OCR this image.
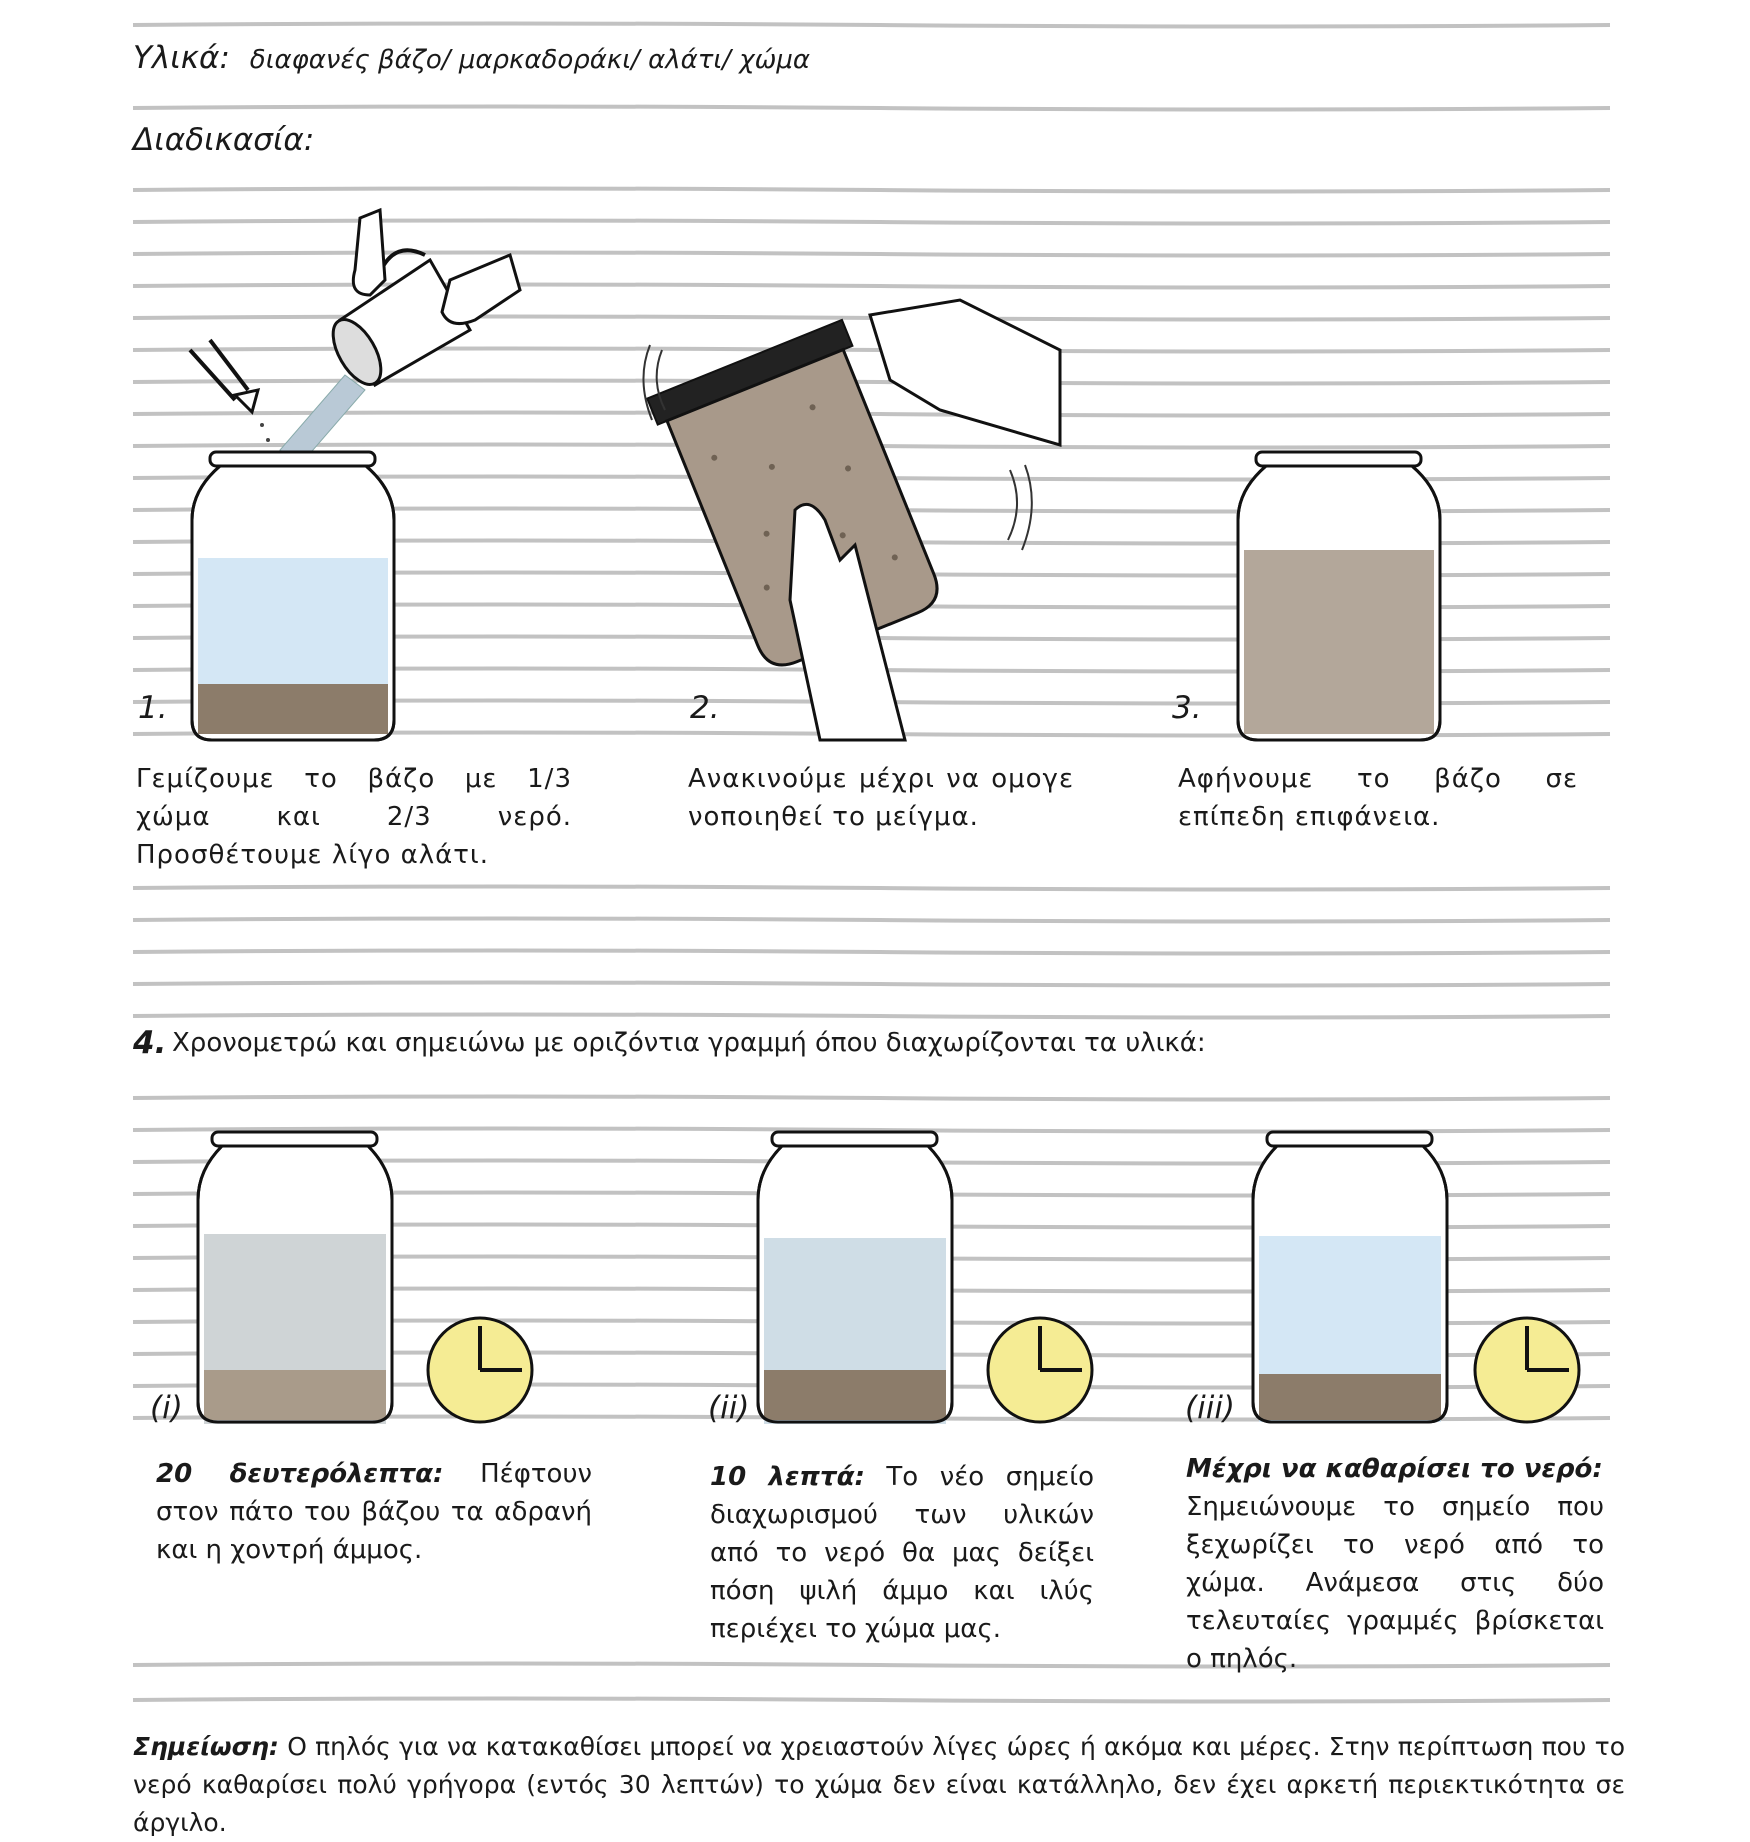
Υλικά: διαφανές βάζο/ μαρκαδοράκι/ αλάτι/ χώμα
Διαδικασία:
1.	2.	3.
Γεμίζουμε το βάζο με 1/3 χώμα και 2/3 νερό. Προσθέτουμε λίγο αλάτι.
Ανακινούμε μέχρι να ομογε νοποιηθεί το μείγμα.
Αφήνουμε το βάζο σε επίπεδη επιφάνεια.
4. Χρονομετρώ και σημειώνω με οριζόντια γραμμή όπου διαχωρίζονται τα υλικά:
(i)	(ii)	(iii)
20 δευτερόλεπτα: Πέφτουν στον πάτο του βάζου τα αδρανή και η χοντρή άμμος.
10 λεπτά: Το νέο σημείο διαχωρισμού των υλικών από το νερό θα μας δείξει πόση ψιλή άμμο και ιλύς περιέχει το χώμα μας.
Μέχρι να καθαρίσει το νερό:
Σημειώνουμε το σημείο που ξεχωρίζει το νερό από το χώμα. Ανάμεσα στις δύο τελευταίες γραμμές βρίσκεται ο πηλός.
Σημείωση: Ο πηλός για να κατακαθίσει μπορεί να χρειαστούν λίγες ώρες ή ακόμα και μέρες. Στην περίπτωση που το νερό καθαρίσει πολύ γρήγορα (εντός 30 λεπτών) το χώμα δεν είναι κατάλληλο, δεν έχει αρκετή περιεκτικότητα σε άργιλο.
